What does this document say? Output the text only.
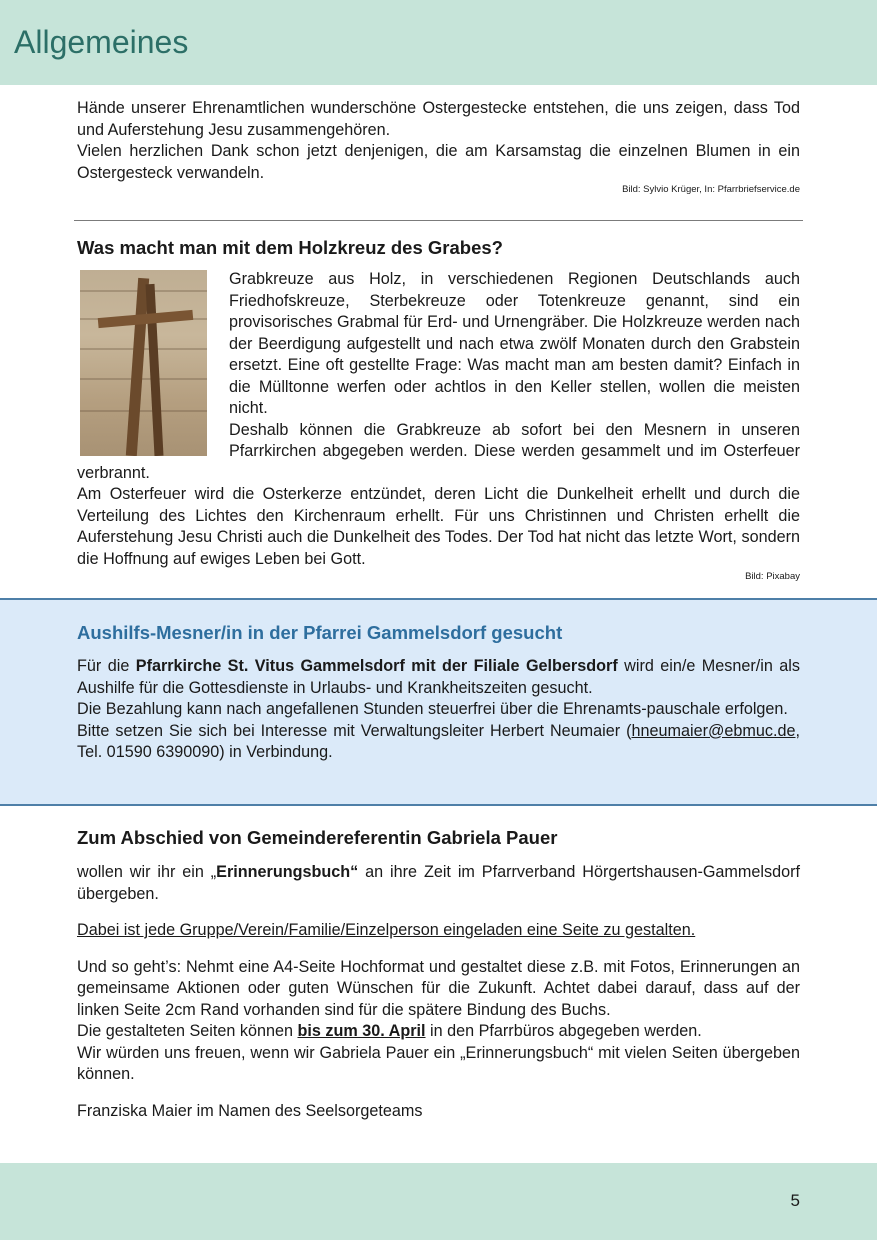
Allgemeines

Hände unserer Ehrenamtlichen wunderschöne Ostergestecke entstehen, die uns zeigen, dass Tod und Auferstehung Jesu zusammengehören.

Vielen herzlichen Dank schon jetzt denjenigen, die am Karsamstag die einzelnen Blumen in ein Ostergesteck verwandeln.

Bild: Sylvio Krüger, In: Pfarrbriefservice.de
Was macht man mit dem Holzkreuz des Grabes?

Grabkreuze aus Holz, in verschiedenen Regionen Deutschlands auch Friedhofskreuze, Sterbekreuze oder Totenkreuze genannt, sind ein provisorisches Grabmal für Erd- und Urnengräber. Die Holzkreuze werden nach der Beerdigung aufgestellt und nach etwa zwölf Monaten durch den Grabstein ersetzt. Eine oft gestellte Frage: Was macht man am besten damit? Einfach in die Mülltonne werfen oder achtlos in den Keller stellen, wollen die meisten nicht.

Deshalb können die Grabkreuze ab sofort bei den Mesnern in unseren Pfarrkirchen abgegeben werden. Diese werden gesammelt und im Osterfeuer verbrannt.

Am Osterfeuer wird die Osterkerze entzündet, deren Licht die Dunkelheit erhellt und durch die Verteilung des Lichtes den Kirchenraum erhellt. Für uns Christinnen und Christen erhellt die Auferstehung Jesu Christi auch die Dunkelheit des Todes. Der Tod hat nicht das letzte Wort, sondern die Hoffnung auf ewiges Leben bei Gott.

Bild: Pixabay
Aushilfs-Mesner/in in der Pfarrei Gammelsdorf gesucht

Für die Pfarrkirche St. Vitus Gammelsdorf mit der Filiale Gelbersdorf wird ein/e Mesner/in als Aushilfe für die Gottesdienste in Urlaubs- und Krankheitszeiten gesucht.

Die Bezahlung kann nach angefallenen Stunden steuerfrei über die Ehrenamts-pauschale erfolgen.

Bitte setzen Sie sich bei Interesse mit Verwaltungsleiter Herbert Neumaier (hneumaier@ebmuc.de, Tel. 01590 6390090) in Verbindung.

Zum Abschied von Gemeindereferentin Gabriela Pauer

wollen wir ihr ein „Erinnerungsbuch“ an ihre Zeit im Pfarrverband Hörgertshausen-Gammelsdorf übergeben.

Dabei ist jede Gruppe/Verein/Familie/Einzelperson eingeladen eine Seite zu gestalten.

Und so geht’s: Nehmt eine A4-Seite Hochformat und gestaltet diese z.B. mit Fotos, Erinnerungen an gemeinsame Aktionen oder guten Wünschen für die Zukunft. Achtet dabei darauf, dass auf der linken Seite 2cm Rand vorhanden sind für die spätere Bindung des Buchs.

Die gestalteten Seiten können bis zum 30. April in den Pfarrbüros abgegeben werden.

Wir würden uns freuen, wenn wir Gabriela Pauer ein „Erinnerungsbuch“ mit vielen Seiten übergeben können.

Franziska Maier im Namen des Seelsorgeteams

5
